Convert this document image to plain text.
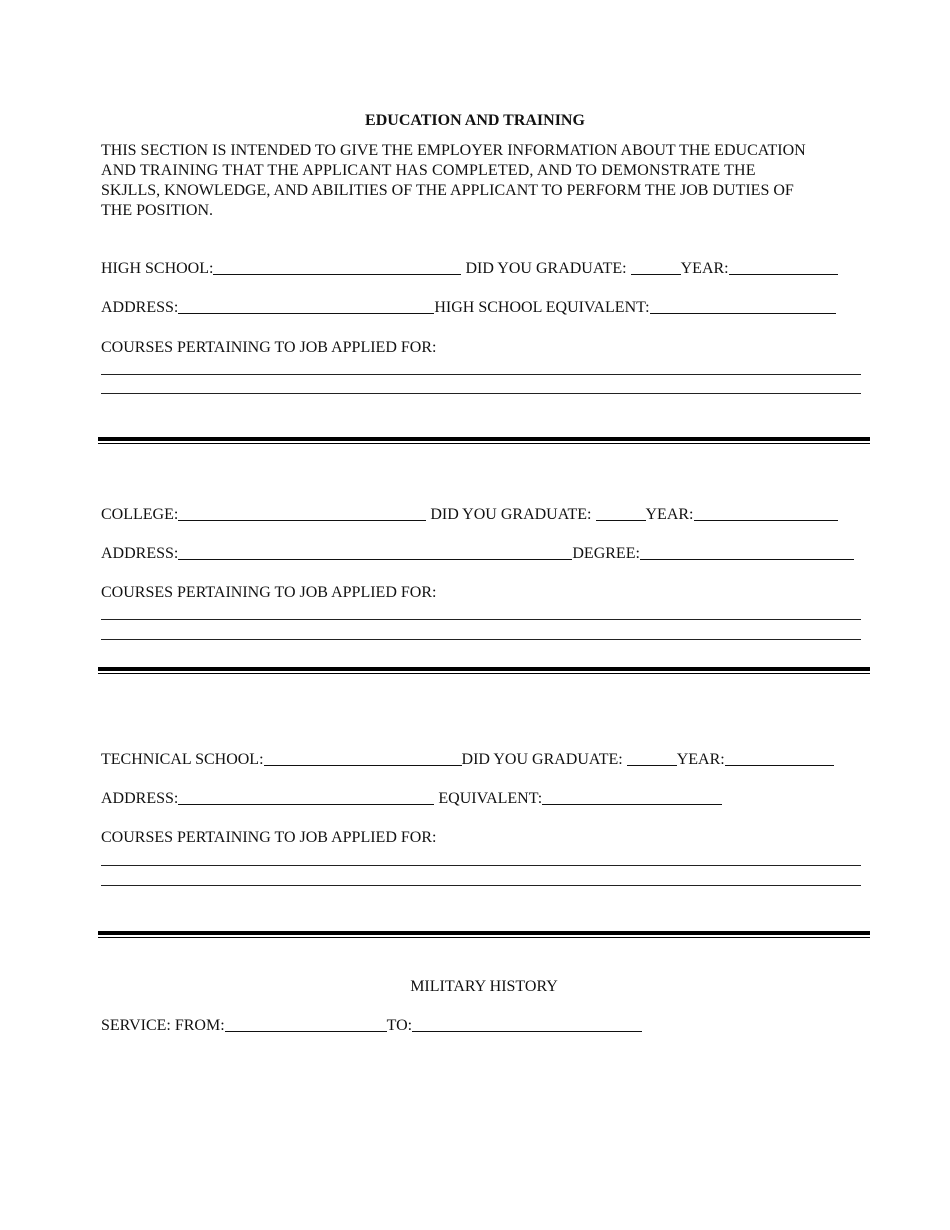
EDUCATION AND TRAINING
THIS SECTION IS INTENDED TO GIVE THE EMPLOYER INFORMATION ABOUT THE EDUCATION
AND TRAINING THAT THE APPLICANT HAS COMPLETED, AND TO DEMONSTRATE THE
SKJLLS, KNOWLEDGE, AND ABILITIES OF THE APPLICANT TO PERFORM THE JOB DUTIES OF
THE POSITION.
HIGH SCHOOL:	DID YOU GRADUATE:	YEAR:
ADDRESS:	HIGH SCHOOL EQUIVALENT:
COURSES PERTAINING TO JOB APPLIED FOR:
COLLEGE:	DID YOU GRADUATE:	YEAR:
ADDRESS:	DEGREE:
COURSES PERTAINING TO JOB APPLIED FOR:
TECHNICAL SCHOOL:	DID YOU GRADUATE:	YEAR:
ADDRESS:	EQUIVALENT:
COURSES PERTAINING TO JOB APPLIED FOR:
MILITARY HISTORY
SERVICE: FROM:	TO:
